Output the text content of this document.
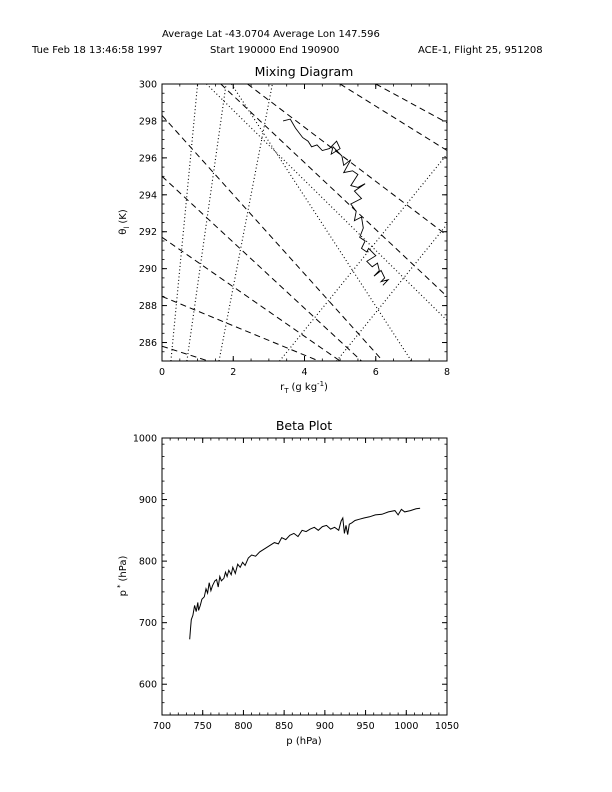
Average Lat -43.0704 Average Lon 147.596
Tue Feb 18 13:46:58 1997	Start 190000 End 190900	ACE-1, Flight 25, 951208
Mixing Diagram
0	2	4	6	8
286
288
290
292
294
296
298
300
$r_T$ (g $kg^{-1}$)
$\theta_l(K)$
Beta Plot
700 750 800 850 900 950 1000 1050
600
700
800
900
1000
p (hPa)
p*(hPa)
